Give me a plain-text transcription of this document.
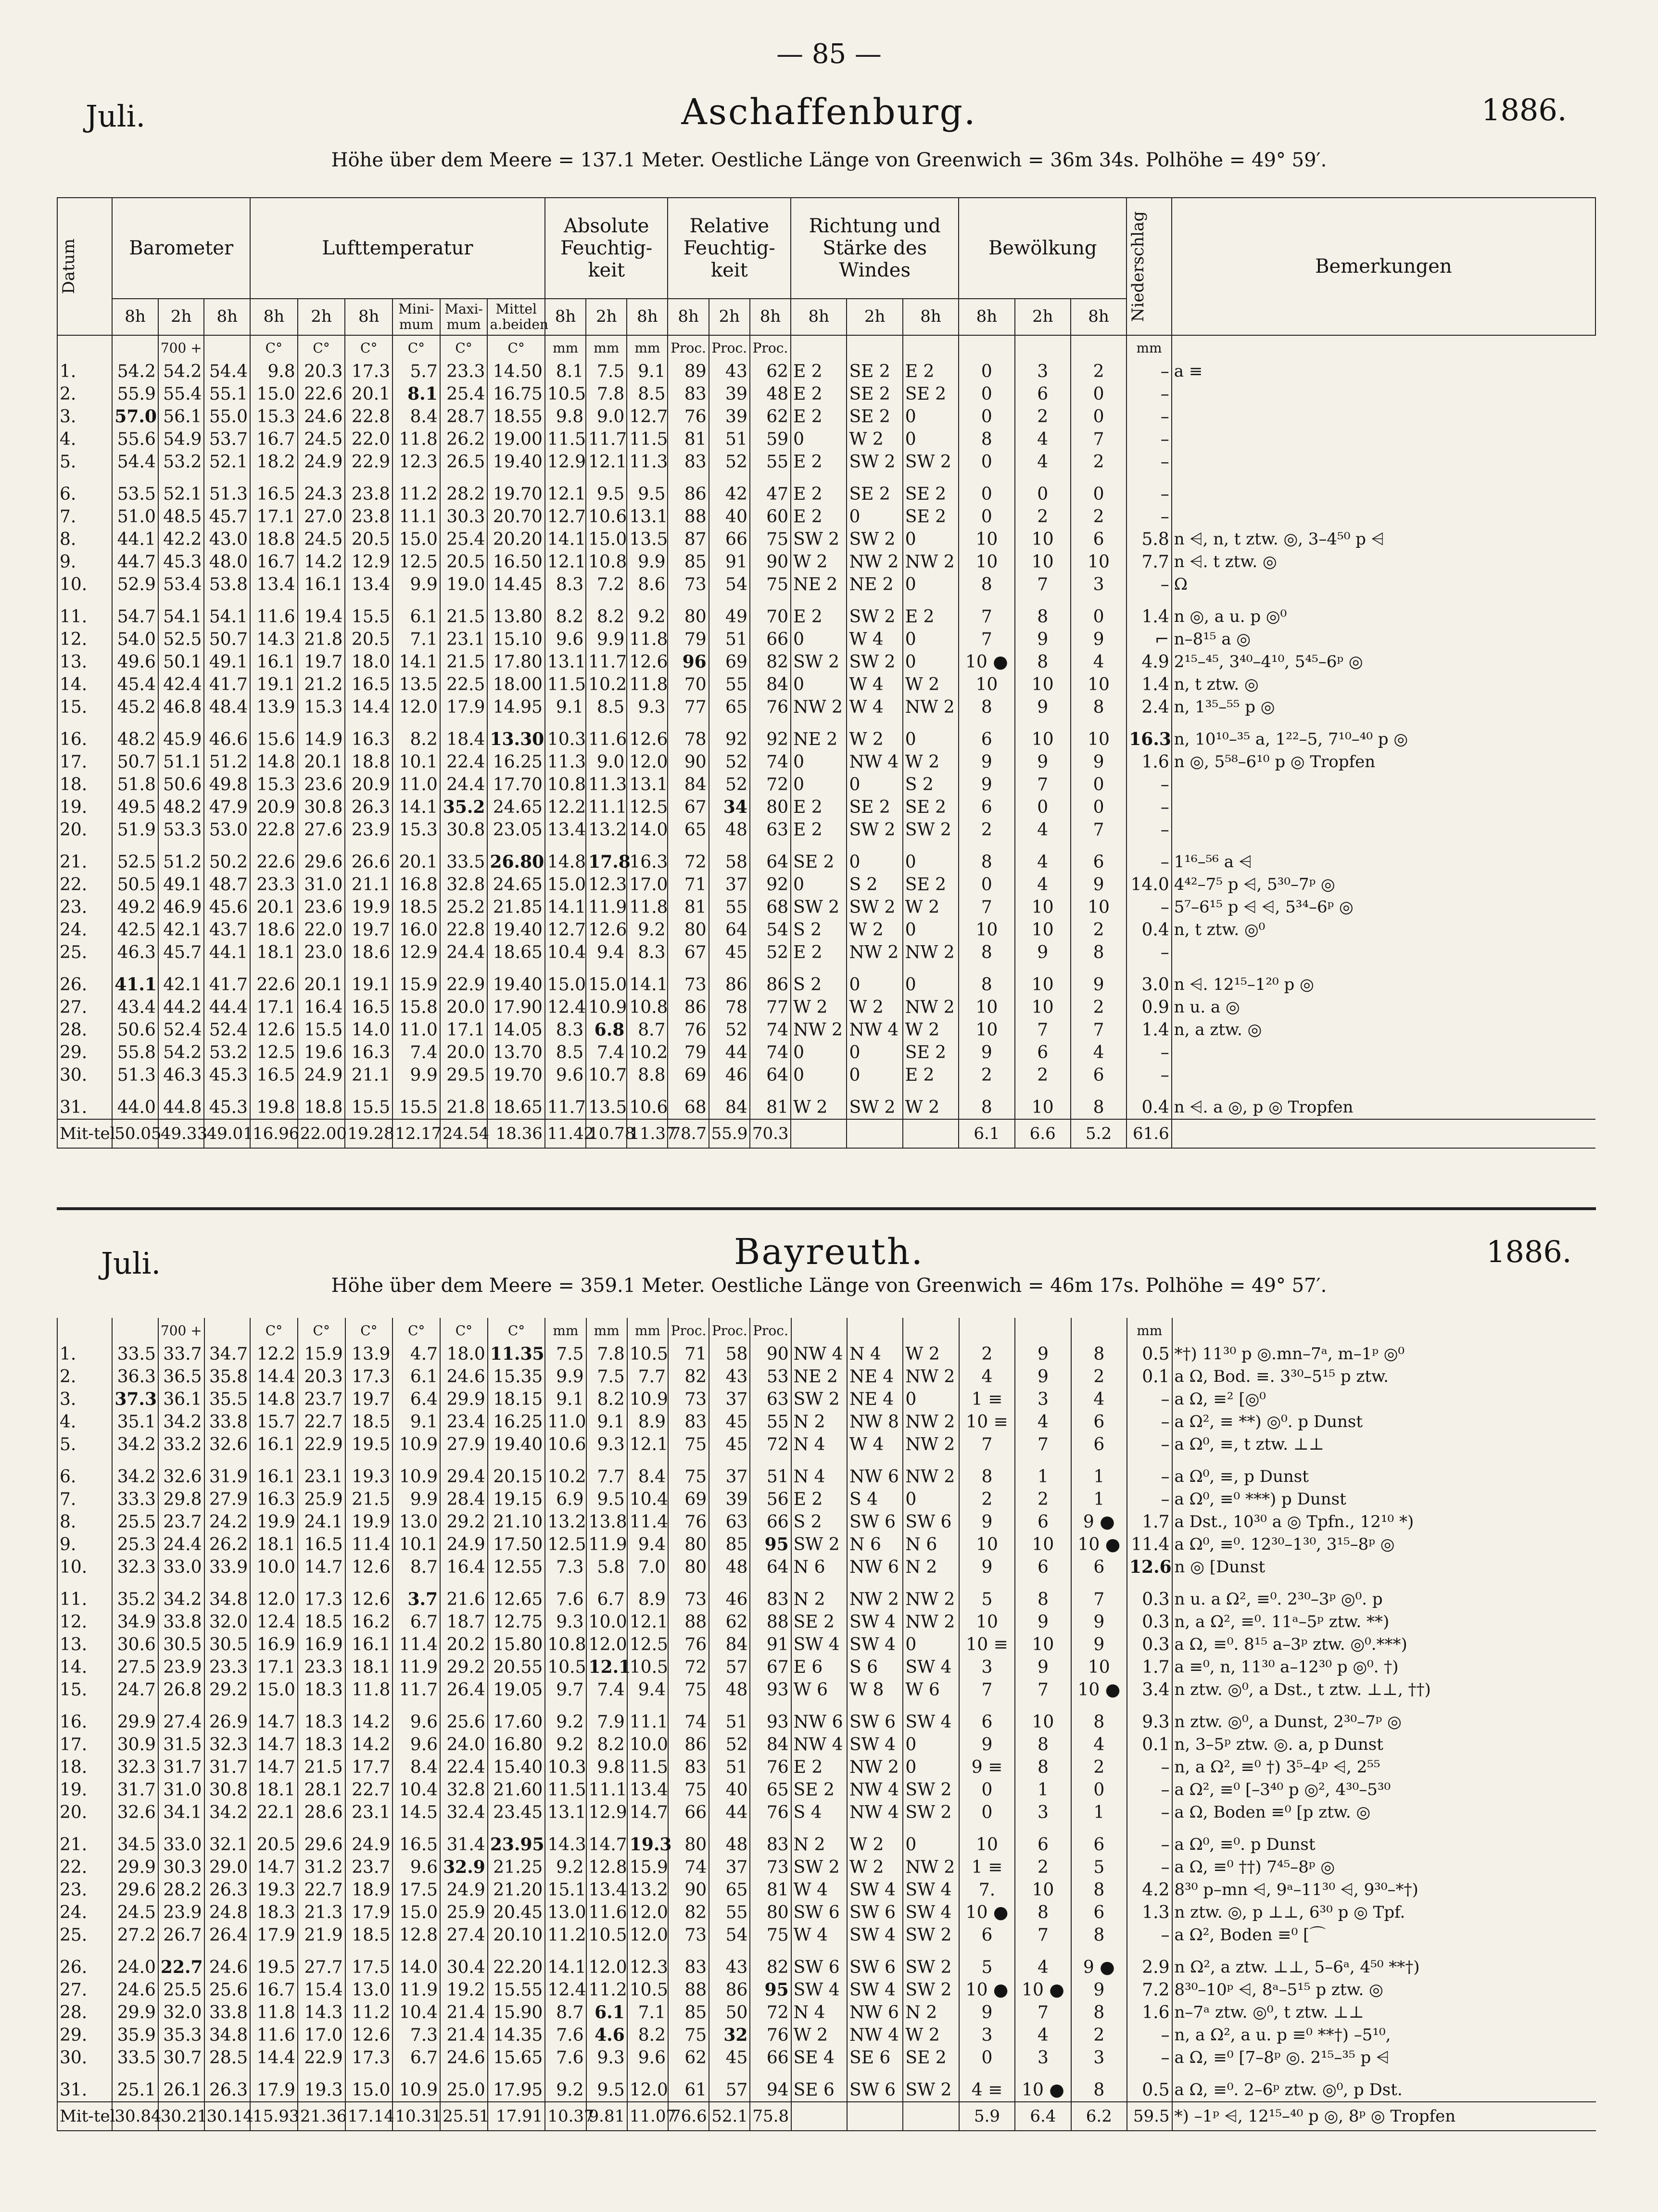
— 85 —
Juli.	Aschaffenburg.	1886.
Höhe über dem Meere = 137.1 Meter. Oestliche Länge von Greenwich = 36m 34s. Polhöhe = 49° 59′.
Datum	Barometer			Lufttemperatur						Absolute Feuchtig-keit			Relative Feuchtig-keit			Richtung und Stärke des Windes			Bewölkung			Niederschlag	Bemerkungen
	8h	2h	8h	8h	2h	8h	Mini-mum	Maxi-mum	Mittel a.beiden	8h	2h	8h	8h	2h	8h	8h	2h	8h	8h	2h	8h		
		700 +		C°	C°	C°	C°	C°	C°	mm	mm	mm	Proc.	Proc.	Proc.							mm	
1.	54.2	54.2	54.4	9.8	20.3	17.3	5.7	23.3	14.50	8.1	7.5	9.1	89	43	62	E 2	SE 2	E 2	0	3	2	–	a ≡
2.	55.9	55.4	55.1	15.0	22.6	20.1	8.1	25.4	16.75	10.5	7.8	8.5	83	39	48	E 2	SE 2	SE 2	0	6	0	–	
3.	57.0	56.1	55.0	15.3	24.6	22.8	8.4	28.7	18.55	9.8	9.0	12.7	76	39	62	E 2	SE 2	0	0	2	0	–	
4.	55.6	54.9	53.7	16.7	24.5	22.0	11.8	26.2	19.00	11.5	11.7	11.5	81	51	59	0	W 2	0	8	4	7	–	
5.	54.4	53.2	52.1	18.2	24.9	22.9	12.3	26.5	19.40	12.9	12.1	11.3	83	52	55	E 2	SW 2	SW 2	0	4	2	–	
6.	53.5	52.1	51.3	16.5	24.3	23.8	11.2	28.2	19.70	12.1	9.5	9.5	86	42	47	E 2	SE 2	SE 2	0	0	0	–	
7.	51.0	48.5	45.7	17.1	27.0	23.8	11.1	30.3	20.70	12.7	10.6	13.1	88	40	60	E 2	0	SE 2	0	2	2	–	
8.	44.1	42.2	43.0	18.8	24.5	20.5	15.0	25.4	20.20	14.1	15.0	13.5	87	66	75	SW 2	SW 2	0	10	10	6	5.8	n ⩤, n, t ztw. ◎, 3–4⁵⁰ p ⩤
9.	44.7	45.3	48.0	16.7	14.2	12.9	12.5	20.5	16.50	12.1	10.8	9.9	85	91	90	W 2	NW 2	NW 2	10	10	10	7.7	n ⩤. t ztw. ◎
10.	52.9	53.4	53.8	13.4	16.1	13.4	9.9	19.0	14.45	8.3	7.2	8.6	73	54	75	NE 2	NE 2	0	8	7	3	–	Ω
11.	54.7	54.1	54.1	11.6	19.4	15.5	6.1	21.5	13.80	8.2	8.2	9.2	80	49	70	E 2	SW 2	E 2	7	8	0	1.4	n ◎, a u. p ◎⁰
12.	54.0	52.5	50.7	14.3	21.8	20.5	7.1	23.1	15.10	9.6	9.9	11.8	79	51	66	0	W 4	0	7	9	9	⌐	n–8¹⁵ a ◎
13.	49.6	50.1	49.1	16.1	19.7	18.0	14.1	21.5	17.80	13.1	11.7	12.6	96	69	82	SW 2	SW 2	0	10 ●	8	4	4.9	2¹⁵–⁴⁵, 3⁴⁰–4¹⁰, 5⁴⁵–6ᵖ ◎
14.	45.4	42.4	41.7	19.1	21.2	16.5	13.5	22.5	18.00	11.5	10.2	11.8	70	55	84	0	W 4	W 2	10	10	10	1.4	n, t ztw. ◎
15.	45.2	46.8	48.4	13.9	15.3	14.4	12.0	17.9	14.95	9.1	8.5	9.3	77	65	76	NW 2	W 4	NW 2	8	9	8	2.4	n, 1³⁵–⁵⁵ p ◎
16.	48.2	45.9	46.6	15.6	14.9	16.3	8.2	18.4	13.30	10.3	11.6	12.6	78	92	92	NE 2	W 2	0	6	10	10	16.3	n, 10¹⁰–³⁵ a, 1²²–5, 7¹⁰–⁴⁰ p ◎
17.	50.7	51.1	51.2	14.8	20.1	18.8	10.1	22.4	16.25	11.3	9.0	12.0	90	52	74	0	NW 4	W 2	9	9	9	1.6	n ◎, 5⁵⁸–6¹⁰ p ◎ Tropfen
18.	51.8	50.6	49.8	15.3	23.6	20.9	11.0	24.4	17.70	10.8	11.3	13.1	84	52	72	0	0	S 2	9	7	0	–	
19.	49.5	48.2	47.9	20.9	30.8	26.3	14.1	35.2	24.65	12.2	11.1	12.5	67	34	80	E 2	SE 2	SE 2	6	0	0	–	
20.	51.9	53.3	53.0	22.8	27.6	23.9	15.3	30.8	23.05	13.4	13.2	14.0	65	48	63	E 2	SW 2	SW 2	2	4	7	–	
21.	52.5	51.2	50.2	22.6	29.6	26.6	20.1	33.5	26.80	14.8	17.8	16.3	72	58	64	SE 2	0	0	8	4	6	–	1¹⁶–⁵⁶ a ⩤
22.	50.5	49.1	48.7	23.3	31.0	21.1	16.8	32.8	24.65	15.0	12.3	17.0	71	37	92	0	S 2	SE 2	0	4	9	14.0	4⁴²–7⁵ p ⩤, 5³⁰–7ᵖ ◎
23.	49.2	46.9	45.6	20.1	23.6	19.9	18.5	25.2	21.85	14.1	11.9	11.8	81	55	68	SW 2	SW 2	W 2	7	10	10	–	5⁷–6¹⁵ p ⩤ ⩤, 5³⁴–6ᵖ ◎
24.	42.5	42.1	43.7	18.6	22.0	19.7	16.0	22.8	19.40	12.7	12.6	9.2	80	64	54	S 2	W 2	0	10	10	2	0.4	n, t ztw. ◎⁰
25.	46.3	45.7	44.1	18.1	23.0	18.6	12.9	24.4	18.65	10.4	9.4	8.3	67	45	52	E 2	NW 2	NW 2	8	9	8	–	
26.	41.1	42.1	41.7	22.6	20.1	19.1	15.9	22.9	19.40	15.0	15.0	14.1	73	86	86	S 2	0	0	8	10	9	3.0	n ⩤. 12¹⁵–1²⁰ p ◎
27.	43.4	44.2	44.4	17.1	16.4	16.5	15.8	20.0	17.90	12.4	10.9	10.8	86	78	77	W 2	W 2	NW 2	10	10	2	0.9	n u. a ◎
28.	50.6	52.4	52.4	12.6	15.5	14.0	11.0	17.1	14.05	8.3	6.8	8.7	76	52	74	NW 2	NW 4	W 2	10	7	7	1.4	n, a ztw. ◎
29.	55.8	54.2	53.2	12.5	19.6	16.3	7.4	20.0	13.70	8.5	7.4	10.2	79	44	74	0	0	SE 2	9	6	4	–	
30.	51.3	46.3	45.3	16.5	24.9	21.1	9.9	29.5	19.70	9.6	10.7	8.8	69	46	64	0	0	E 2	2	2	6	–	
31.	44.0	44.8	45.3	19.8	18.8	15.5	15.5	21.8	18.65	11.7	13.5	10.6	68	84	81	W 2	SW 2	W 2	8	10	8	0.4	n ⩤. a ◎, p ◎ Tropfen
Mit-tel	50.05	49.33	49.01	16.96	22.00	19.28	12.17	24.54	18.36	11.42	10.78	11.37	78.7	55.9	70.3				6.1	6.6	5.2	61.6	
Juli.	Bayreuth.	1886.
Höhe über dem Meere = 359.1 Meter. Oestliche Länge von Greenwich = 46m 17s. Polhöhe = 49° 57′.
		700 +		C°	C°	C°	C°	C°	C°	mm	mm	mm	Proc.	Proc.	Proc.							mm	
1.	33.5	33.7	34.7	12.2	15.9	13.9	4.7	18.0	11.35	7.5	7.8	10.5	71	58	90	NW 4	N 4	W 2	2	9	8	0.5	*†) 11³⁰ p ◎.mn–7ᵃ, m–1ᵖ ◎⁰
2.	36.3	36.5	35.8	14.4	20.3	17.3	6.1	24.6	15.35	9.9	7.5	7.7	82	43	53	NE 2	NE 4	NW 2	4	9	2	0.1	a Ω, Bod. ≡. 3³⁰–5¹⁵ p ztw.
3.	37.3	36.1	35.5	14.8	23.7	19.7	6.4	29.9	18.15	9.1	8.2	10.9	73	37	63	SW 2	NE 4	0	1 ≡	3	4	–	a Ω, ≡² [◎⁰
4.	35.1	34.2	33.8	15.7	22.7	18.5	9.1	23.4	16.25	11.0	9.1	8.9	83	45	55	N 2	NW 8	NW 2	10 ≡	4	6	–	a Ω², ≡ **) ◎⁰. p Dunst
5.	34.2	33.2	32.6	16.1	22.9	19.5	10.9	27.9	19.40	10.6	9.3	12.1	75	45	72	N 4	W 4	NW 2	7	7	6	–	a Ω⁰, ≡, t ztw. ⊥⊥
6.	34.2	32.6	31.9	16.1	23.1	19.3	10.9	29.4	20.15	10.2	7.7	8.4	75	37	51	N 4	NW 6	NW 2	8	1	1	–	a Ω⁰, ≡, p Dunst
7.	33.3	29.8	27.9	16.3	25.9	21.5	9.9	28.4	19.15	6.9	9.5	10.4	69	39	56	E 2	S 4	0	2	2	1	–	a Ω⁰, ≡⁰ ***) p Dunst
8.	25.5	23.7	24.2	19.9	24.1	19.9	13.0	29.2	21.10	13.2	13.8	11.4	76	63	66	S 2	SW 6	SW 6	9	6	9 ●	1.7	a Dst., 10³⁰ a ◎ Tpfn., 12¹⁰ *)
9.	25.3	24.4	26.2	18.1	16.5	11.4	10.1	24.9	17.50	12.5	11.9	9.4	80	85	95	SW 2	N 6	N 6	10	10	10 ●	11.4	a Ω⁰, ≡⁰. 12³⁰–1³⁰, 3¹⁵–8ᵖ ◎
10.	32.3	33.0	33.9	10.0	14.7	12.6	8.7	16.4	12.55	7.3	5.8	7.0	80	48	64	N 6	NW 6	N 2	9	6	6	12.6	n ◎ [Dunst
11.	35.2	34.2	34.8	12.0	17.3	12.6	3.7	21.6	12.65	7.6	6.7	8.9	73	46	83	N 2	NW 2	NW 2	5	8	7	0.3	n u. a Ω², ≡⁰. 2³⁰–3ᵖ ◎⁰. p
12.	34.9	33.8	32.0	12.4	18.5	16.2	6.7	18.7	12.75	9.3	10.0	12.1	88	62	88	SE 2	SW 4	NW 2	10	9	9	0.3	n, a Ω², ≡⁰. 11ᵃ–5ᵖ ztw. **)
13.	30.6	30.5	30.5	16.9	16.9	16.1	11.4	20.2	15.80	10.8	12.0	12.5	76	84	91	SW 4	SW 4	0	10 ≡	10	9	0.3	a Ω, ≡⁰. 8¹⁵ a–3ᵖ ztw. ◎⁰.***)
14.	27.5	23.9	23.3	17.1	23.3	18.1	11.9	29.2	20.55	10.5	12.1	10.5	72	57	67	E 6	S 6	SW 4	3	9	10	1.7	a ≡⁰, n, 11³⁰ a–12³⁰ p ◎⁰. †)
15.	24.7	26.8	29.2	15.0	18.3	11.8	11.7	26.4	19.05	9.7	7.4	9.4	75	48	93	W 6	W 8	W 6	7	7	10 ●	3.4	n ztw. ◎⁰, a Dst., t ztw. ⊥⊥, ††)
16.	29.9	27.4	26.9	14.7	18.3	14.2	9.6	25.6	17.60	9.2	7.9	11.1	74	51	93	NW 6	SW 6	SW 4	6	10	8	9.3	n ztw. ◎⁰, a Dunst, 2³⁰–7ᵖ ◎
17.	30.9	31.5	32.3	14.7	18.3	14.2	9.6	24.0	16.80	9.2	8.2	10.0	86	52	84	NW 4	SW 4	0	9	8	4	0.1	n, 3–5ᵖ ztw. ◎. a, p Dunst
18.	32.3	31.7	31.7	14.7	21.5	17.7	8.4	22.4	15.40	10.3	9.8	11.5	83	51	76	E 2	NW 2	0	9 ≡	8	2	–	n, a Ω², ≡⁰ †) 3⁵–4ᵖ ⩤, 2⁵⁵
19.	31.7	31.0	30.8	18.1	28.1	22.7	10.4	32.8	21.60	11.5	11.1	13.4	75	40	65	SE 2	NW 4	SW 2	0	1	0	–	a Ω², ≡⁰ [–3⁴⁰ p ◎², 4³⁰–5³⁰
20.	32.6	34.1	34.2	22.1	28.6	23.1	14.5	32.4	23.45	13.1	12.9	14.7	66	44	76	S 4	NW 4	SW 2	0	3	1	–	a Ω, Boden ≡⁰ [p ztw. ◎
21.	34.5	33.0	32.1	20.5	29.6	24.9	16.5	31.4	23.95	14.3	14.7	19.3	80	48	83	N 2	W 2	0	10	6	6	–	a Ω⁰, ≡⁰. p Dunst
22.	29.9	30.3	29.0	14.7	31.2	23.7	9.6	32.9	21.25	9.2	12.8	15.9	74	37	73	SW 2	W 2	NW 2	1 ≡	2	5	–	a Ω, ≡⁰ ††) 7⁴⁵–8ᵖ ◎
23.	29.6	28.2	26.3	19.3	22.7	18.9	17.5	24.9	21.20	15.1	13.4	13.2	90	65	81	W 4	SW 4	SW 4	7.	10	8	4.2	8³⁰ p–mn ⩤, 9ᵃ–11³⁰ ⩤, 9³⁰–*†)
24.	24.5	23.9	24.8	18.3	21.3	17.9	15.0	25.9	20.45	13.0	11.6	12.0	82	55	80	SW 6	SW 6	SW 4	10 ●	8	6	1.3	n ztw. ◎, p ⊥⊥, 6³⁰ p ◎ Tpf.
25.	27.2	26.7	26.4	17.9	21.9	18.5	12.8	27.4	20.10	11.2	10.5	12.0	73	54	75	W 4	SW 4	SW 2	6	7	8	–	a Ω², Boden ≡⁰ [⌒
26.	24.0	22.7	24.6	19.5	27.7	17.5	14.0	30.4	22.20	14.1	12.0	12.3	83	43	82	SW 6	SW 6	SW 2	5	4	9 ●	2.9	n Ω², a ztw. ⊥⊥, 5–6ᵃ, 4⁵⁰ **†)
27.	24.6	25.5	25.6	16.7	15.4	13.0	11.9	19.2	15.55	12.4	11.2	10.5	88	86	95	SW 4	SW 4	SW 2	10 ●	10 ●	9	7.2	8³⁰–10ᵖ ⩤, 8ᵃ–5¹⁵ p ztw. ◎
28.	29.9	32.0	33.8	11.8	14.3	11.2	10.4	21.4	15.90	8.7	6.1	7.1	85	50	72	N 4	NW 6	N 2	9	7	8	1.6	n–7ᵃ ztw. ◎⁰, t ztw. ⊥⊥
29.	35.9	35.3	34.8	11.6	17.0	12.6	7.3	21.4	14.35	7.6	4.6	8.2	75	32	76	W 2	NW 4	W 2	3	4	2	–	n, a Ω², a u. p ≡⁰ **†) –5¹⁰,
30.	33.5	30.7	28.5	14.4	22.9	17.3	6.7	24.6	15.65	7.6	9.3	9.6	62	45	66	SE 4	SE 6	SE 2	0	3	3	–	a Ω, ≡⁰ [7–8ᵖ ◎. 2¹⁵–³⁵ p ⩤
31.	25.1	26.1	26.3	17.9	19.3	15.0	10.9	25.0	17.95	9.2	9.5	12.0	61	57	94	SE 6	SW 6	SW 2	4 ≡	10 ●	8	0.5	a Ω, ≡⁰. 2–6ᵖ ztw. ◎⁰, p Dst.
Mit-tel	30.84	30.21	30.14	15.93	21.36	17.14	10.31	25.51	17.91	10.37	9.81	11.07	76.6	52.1	75.8				5.9	6.4	6.2	59.5	*) –1ᵖ ⩤, 12¹⁵–⁴⁰ p ◎, 8ᵖ ◎ Tropfen
